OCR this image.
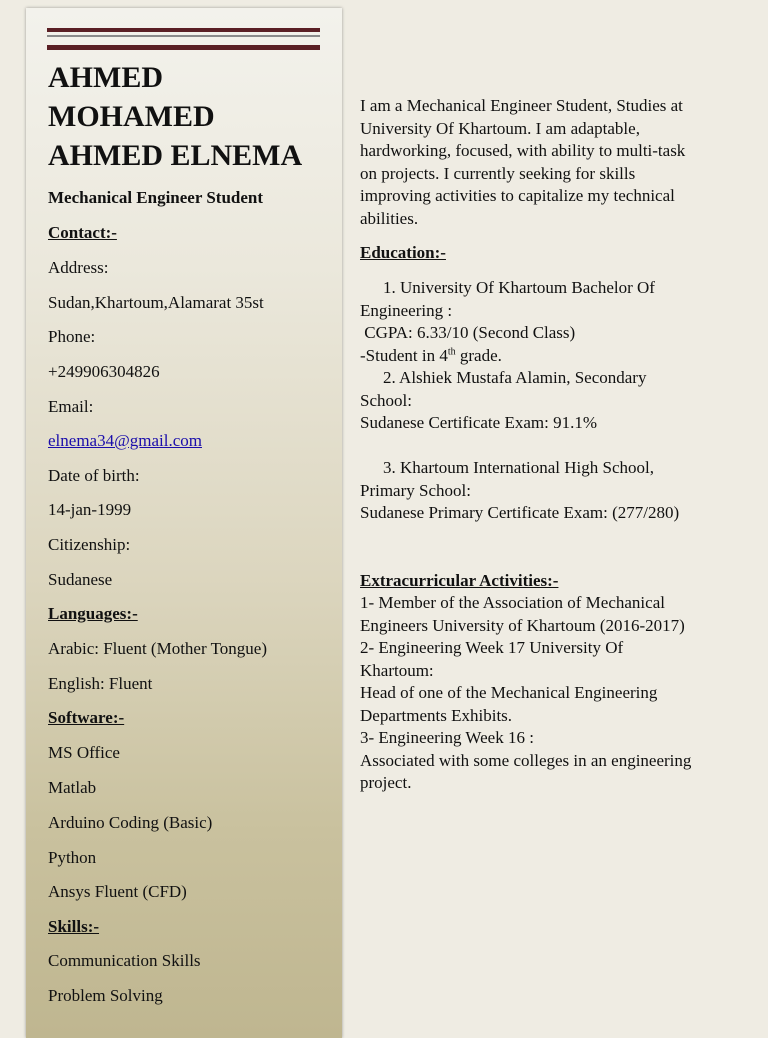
AHMED
MOHAMED
AHMED ELNEMA
Mechanical Engineer Student
Contact:-
Address:
Sudan,Khartoum,Alamarat 35st
Phone:
+249906304826
Email:
elnema34@gmail.com
Date of birth:
14-jan-1999
Citizenship:
Sudanese
Languages:-
Arabic: Fluent (Mother Tongue)
English: Fluent
Software:-
MS Office
Matlab
Arduino Coding (Basic)
Python
Ansys Fluent (CFD)
Skills:-
Communication Skills
Problem Solving

I am a Mechanical Engineer Student, Studies at

University Of Khartoum. I am adaptable,

hardworking, focused, with ability to multi-task

on projects. I currently seeking for skills

improving activities to capitalize my technical

abilities.

Education:-

1. University Of Khartoum Bachelor Of

Engineering :

CGPA: 6.33/10 (Second Class)

-Student in 4th grade.

2. Alshiek Mustafa Alamin, Secondary

School:

Sudanese Certificate Exam: 91.1%

3. Khartoum International High School,

Primary School:

Sudanese Primary Certificate Exam: (277/280)

Extracurricular Activities:-

1- Member of the Association of Mechanical

Engineers University of Khartoum (2016-2017)

2- Engineering Week 17 University Of

Khartoum:

Head of one of the Mechanical Engineering

Departments Exhibits.

3- Engineering Week 16 :

Associated with some colleges in an engineering

project.
